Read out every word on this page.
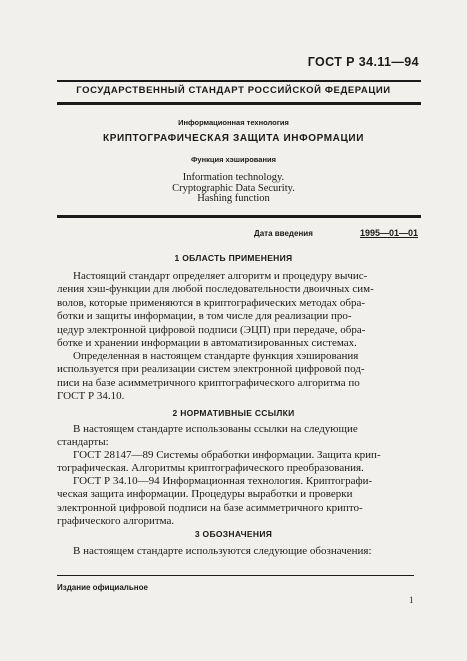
ГОСТ Р 34.11—94
ГОСУДАРСТВЕННЫЙ СТАНДАРТ РОССИЙСКОЙ ФЕДЕРАЦИИ
Информационная технология
КРИПТОГРАФИЧЕСКАЯ ЗАЩИТА ИНФОРМАЦИИ
Функция хэширования
Information technology.
Cryptographic Data Security.
Hashing function
Дата введения	1995—01—01
1 ОБЛАСТЬ ПРИМЕНЕНИЯ
Настоящий стандарт определяет алгоритм и процедуру вычис-
ления хэш-функции для любой последовательности двоичных сим-
волов, которые применяются в криптографических методах обра-
ботки и защиты информации, в том числе для реализации про-
цедур электронной цифровой подписи (ЭЦП) при передаче, обра-
ботке и хранении информации в автоматизированных системах.
Определенная в настоящем стандарте функция хэширования
используется при реализации систем электронной цифровой под-
писи на базе асимметричного криптографического алгоритма по
ГОСТ Р 34.10.
2 НОРМАТИВНЫЕ ССЫЛКИ
В настоящем стандарте использованы ссылки на следующие
стандарты:
ГОСТ 28147—89 Системы обработки информации. Защита крип-
тографическая. Алгоритмы криптографического преобразования.
ГОСТ Р 34.10—94 Информационная технология. Криптографи-
ческая защита информации. Процедуры выработки и проверки
электронной цифровой подписи на базе асимметричного крипто-
графического алгоритма.
3 ОБОЗНАЧЕНИЯ
В настоящем стандарте используются следующие обозначения:
Издание официальное
1
